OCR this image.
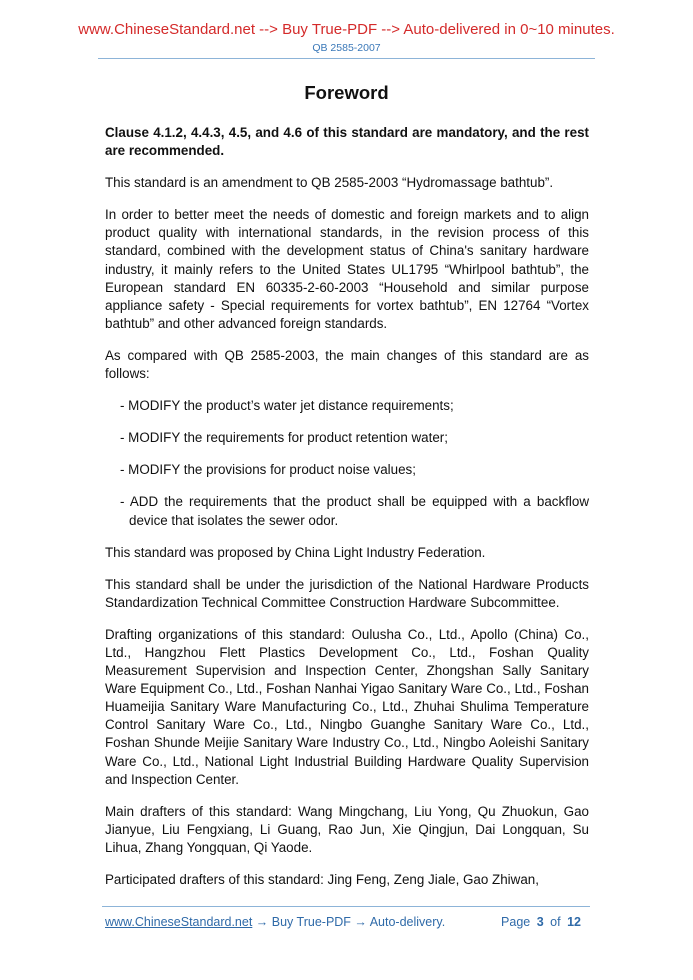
www.ChineseStandard.net --> Buy True-PDF --> Auto-delivered in 0~10 minutes.
QB 2585-2007
Foreword

Clause 4.1.2, 4.4.3, 4.5, and 4.6 of this standard are mandatory, and the rest are recommended.

This standard is an amendment to QB 2585-2003 “Hydromassage bathtub”.

In order to better meet the needs of domestic and foreign markets and to align product quality with international standards, in the revision process of this standard, combined with the development status of China's sanitary hardware industry, it mainly refers to the United States UL1795 “Whirlpool bathtub”, the European standard EN 60335-2-60-2003 “Household and similar purpose appliance safety - Special requirements for vortex bathtub”, EN 12764 “Vortex bathtub” and other advanced foreign standards.

As compared with QB 2585-2003, the main changes of this standard are as follows:

- MODIFY the product’s water jet distance requirements;

- MODIFY the requirements for product retention water;

- MODIFY the provisions for product noise values;

- ADD the requirements that the product shall be equipped with a backflow device that isolates the sewer odor.

This standard was proposed by China Light Industry Federation.

This standard shall be under the jurisdiction of the National Hardware Products Standardization Technical Committee Construction Hardware Subcommittee.

Drafting organizations of this standard: Oulusha Co., Ltd., Apollo (China) Co., Ltd., Hangzhou Flett Plastics Development Co., Ltd., Foshan Quality Measurement Supervision and Inspection Center, Zhongshan Sally Sanitary Ware Equipment Co., Ltd., Foshan Nanhai Yigao Sanitary Ware Co., Ltd., Foshan Huameijia Sanitary Ware Manufacturing Co., Ltd., Zhuhai Shulima Temperature Control Sanitary Ware Co., Ltd., Ningbo Guanghe Sanitary Ware Co., Ltd., Foshan Shunde Meijie Sanitary Ware Industry Co., Ltd., Ningbo Aoleishi Sanitary Ware Co., Ltd., National Light Industrial Building Hardware Quality Supervision and Inspection Center.

Main drafters of this standard: Wang Mingchang, Liu Yong, Qu Zhuokun, Gao Jianyue, Liu Fengxiang, Li Guang, Rao Jun, Xie Qingjun, Dai Longquan, Su Lihua, Zhang Yongquan, Qi Yaode.

Participated drafters of this standard: Jing Feng, Zeng Jiale, Gao Zhiwan,

www.ChineseStandard.net → Buy True-PDF → Auto-delivery.	Page 3 of 12
